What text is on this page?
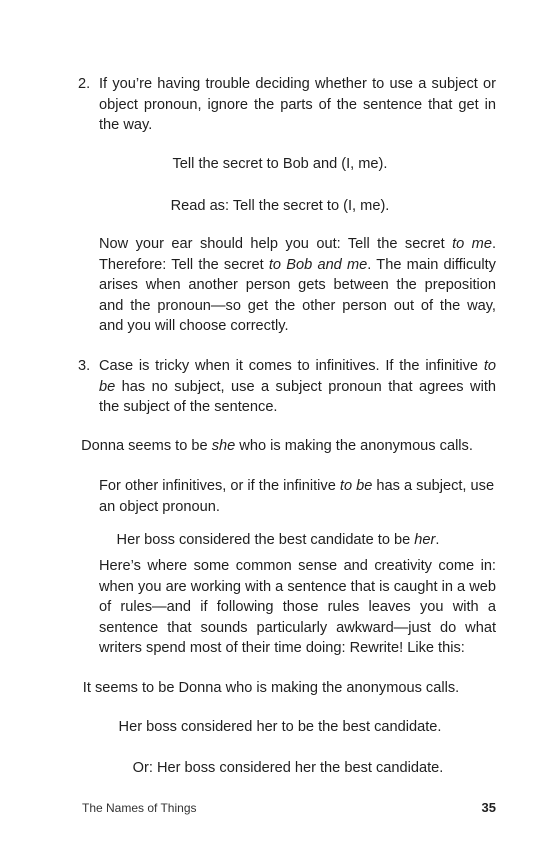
2. If you’re having trouble deciding whether to use a subject or object pronoun, ignore the parts of the sentence that get in the way.
Tell the secret to Bob and (I, me).
Read as: Tell the secret to (I, me).
Now your ear should help you out: Tell the secret to me. Therefore: Tell the secret to Bob and me. The main difficulty arises when another person gets between the preposition and the pronoun—so get the other person out of the way, and you will choose correctly.
3. Case is tricky when it comes to infinitives. If the infinitive to be has no subject, use a subject pronoun that agrees with the subject of the sentence.
Donna seems to be she who is making the anonymous calls.
For other infinitives, or if the infinitive to be has a subject, use an object pronoun.
Her boss considered the best candidate to be her.
Here’s where some common sense and creativity come in: when you are working with a sentence that is caught in a web of rules—and if following those rules leaves you with a sentence that sounds particularly awkward—just do what writers spend most of their time doing: Rewrite! Like this:
It seems to be Donna who is making the anonymous calls.
Her boss considered her to be the best candidate.
Or: Her boss considered her the best candidate.
The Names of Things	35
